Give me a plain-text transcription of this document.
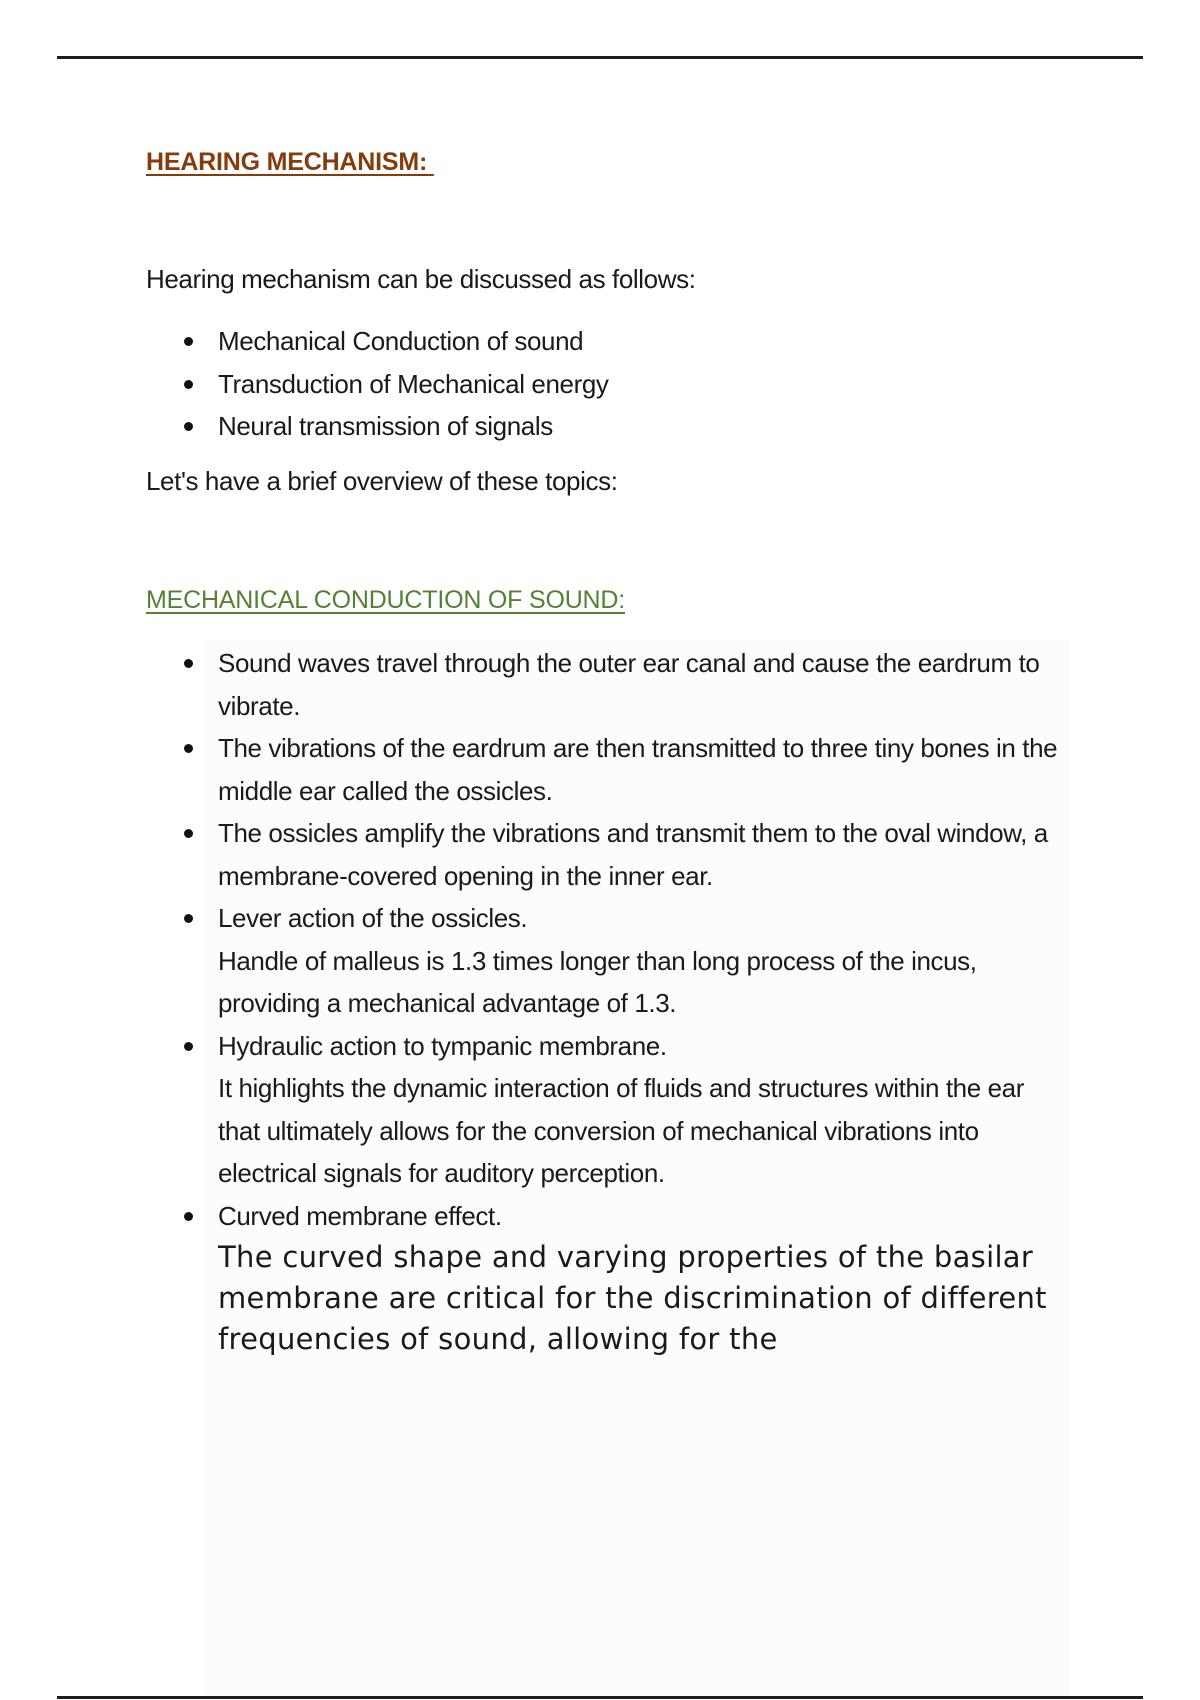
HEARING MECHANISM:
Hearing mechanism can be discussed as follows:
Mechanical Conduction of sound
Transduction of Mechanical energy
Neural transmission of signals
Let's have a brief overview of these topics:
MECHANICAL CONDUCTION OF SOUND:
Sound waves travel through the outer ear canal and cause the eardrum to vibrate.
The vibrations of the eardrum are then transmitted to three tiny bones in the middle ear called the ossicles.
The ossicles amplify the vibrations and transmit them to the oval window, a membrane-covered opening in the inner ear.
Lever action of the ossicles.
Handle of malleus is 1.3 times longer than long process of the incus, providing a mechanical advantage of 1.3.
Hydraulic action to tympanic membrane.
It highlights the dynamic interaction of fluids and structures within the ear that ultimately allows for the conversion of mechanical vibrations into electrical signals for auditory perception.
Curved membrane effect.
The curved shape and varying properties of the basilar membrane are critical for the discrimination of different frequencies of sound, allowing for the
